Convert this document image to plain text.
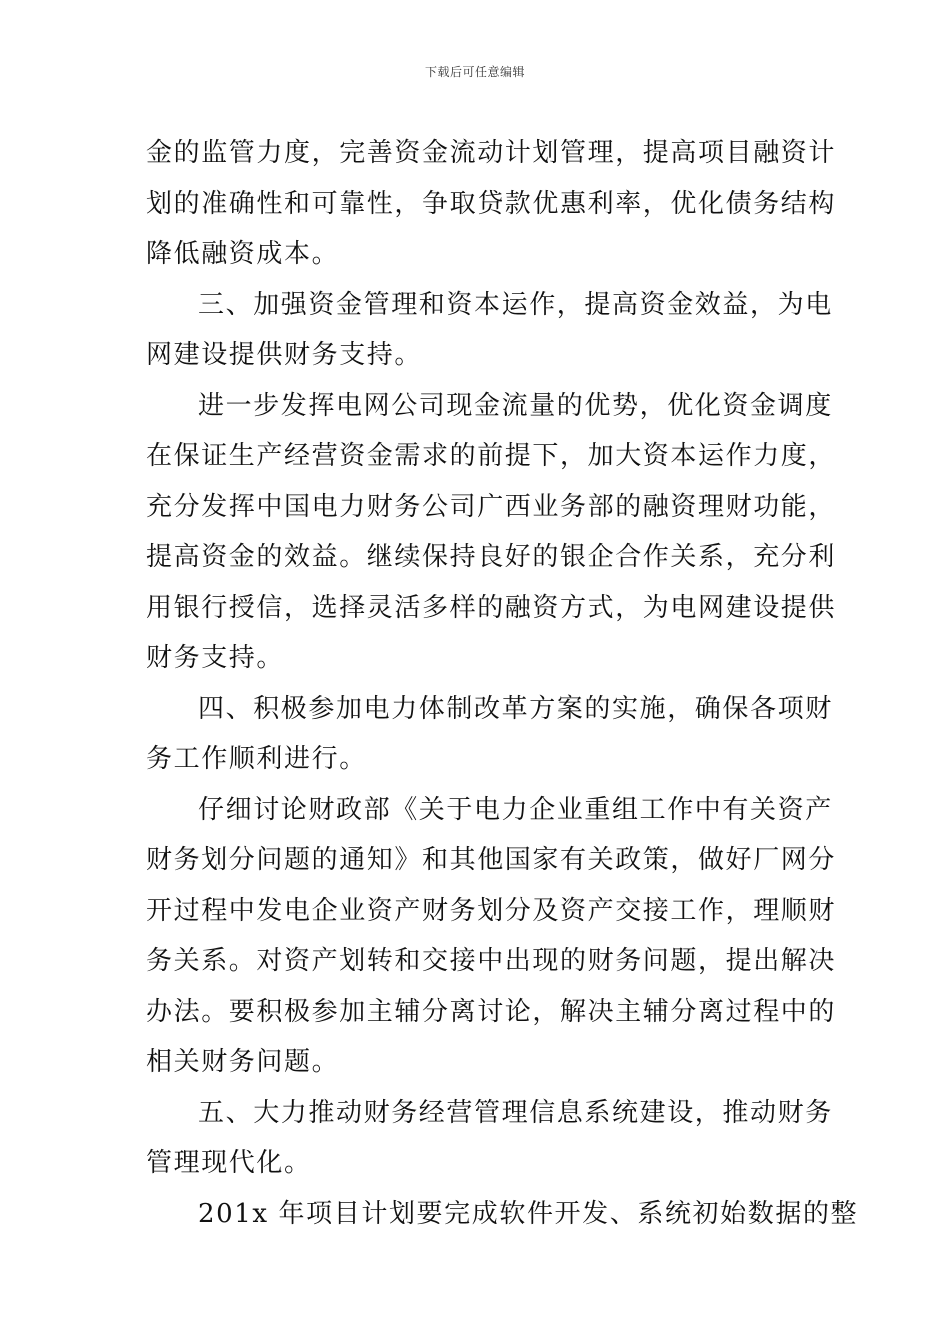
下载后可任意编辑
金的监管力度，完善资金流动计划管理，提高项目融资计
划的准确性和可靠性，争取贷款优惠利率，优化债务结构
降低融资成本。
三、加强资金管理和资本运作，提高资金效益，为电
网建设提供财务支持。
进一步发挥电网公司现金流量的优势，优化资金调度
在保证生产经营资金需求的前提下，加大资本运作力度，
充分发挥中国电力财务公司广西业务部的融资理财功能，
提高资金的效益。继续保持良好的银企合作关系，充分利
用银行授信，选择灵活多样的融资方式，为电网建设提供
财务支持。
四、积极参加电力体制改革方案的实施，确保各项财
务工作顺利进行。
仔细讨论财政部《关于电力企业重组工作中有关资产
财务划分问题的通知》和其他国家有关政策，做好厂网分
开过程中发电企业资产财务划分及资产交接工作，理顺财
务关系。对资产划转和交接中出现的财务问题，提出解决
办法。要积极参加主辅分离讨论，解决主辅分离过程中的
相关财务问题。
五、大力推动财务经营管理信息系统建设，推动财务
管理现代化。
201x 年项目计划要完成软件开发、系统初始数据的整
